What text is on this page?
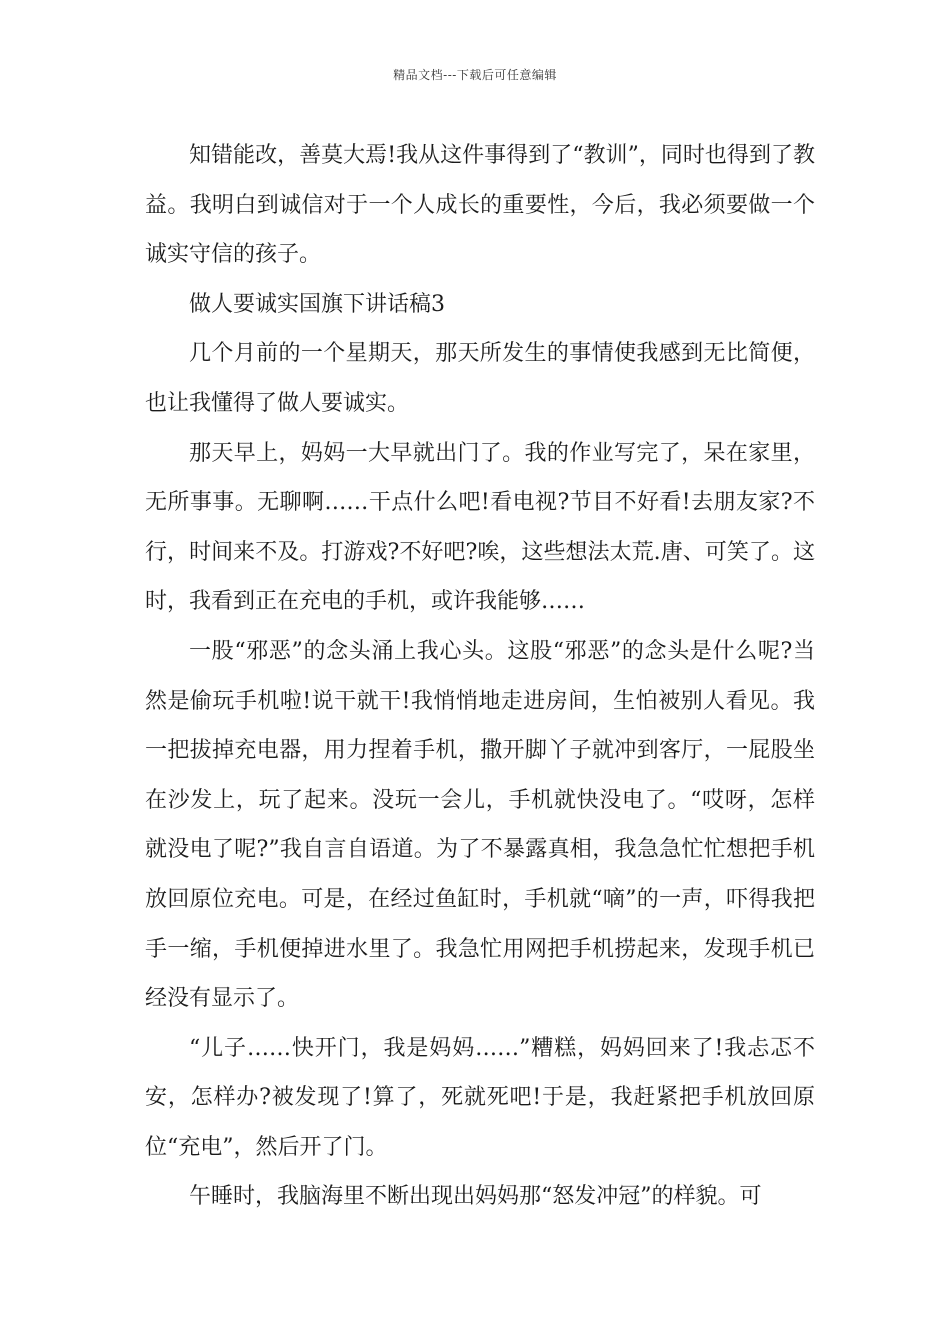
精品文档---下载后可任意编辑

知错能改，善莫大焉!我从这件事得到了“教训”，同时也得到了教益。我明白到诚信对于一个人成长的重要性，今后，我必须要做一个诚实守信的孩子。

做人要诚实国旗下讲话稿3

几个月前的一个星期天，那天所发生的事情使我感到无比简便，也让我懂得了做人要诚实。

那天早上，妈妈一大早就出门了。我的作业写完了，呆在家里，无所事事。无聊啊……干点什么吧!看电视?节目不好看!去朋友家?不行，时间来不及。打游戏?不好吧?唉，这些想法太荒.唐、可笑了。这时，我看到正在充电的手机，或许我能够……

一股“邪恶”的念头涌上我心头。这股“邪恶”的念头是什么呢?当然是偷玩手机啦!说干就干!我悄悄地走进房间，生怕被别人看见。我一把拔掉充电器，用力捏着手机，撒开脚丫子就冲到客厅，一屁股坐在沙发上，玩了起来。没玩一会儿，手机就快没电了。“哎呀，怎样就没电了呢?”我自言自语道。为了不暴露真相，我急急忙忙想把手机放回原位充电。可是，在经过鱼缸时，手机就“嘀”的一声，吓得我把手一缩，手机便掉进水里了。我急忙用网把手机捞起来，发现手机已经没有显示了。

“儿子……快开门，我是妈妈……”糟糕，妈妈回来了!我忐忑不安，怎样办?被发现了!算了，死就死吧!于是，我赶紧把手机放回原位“充电”，然后开了门。

午睡时，我脑海里不断出现出妈妈那“怒发冲冠”的样貌。可
